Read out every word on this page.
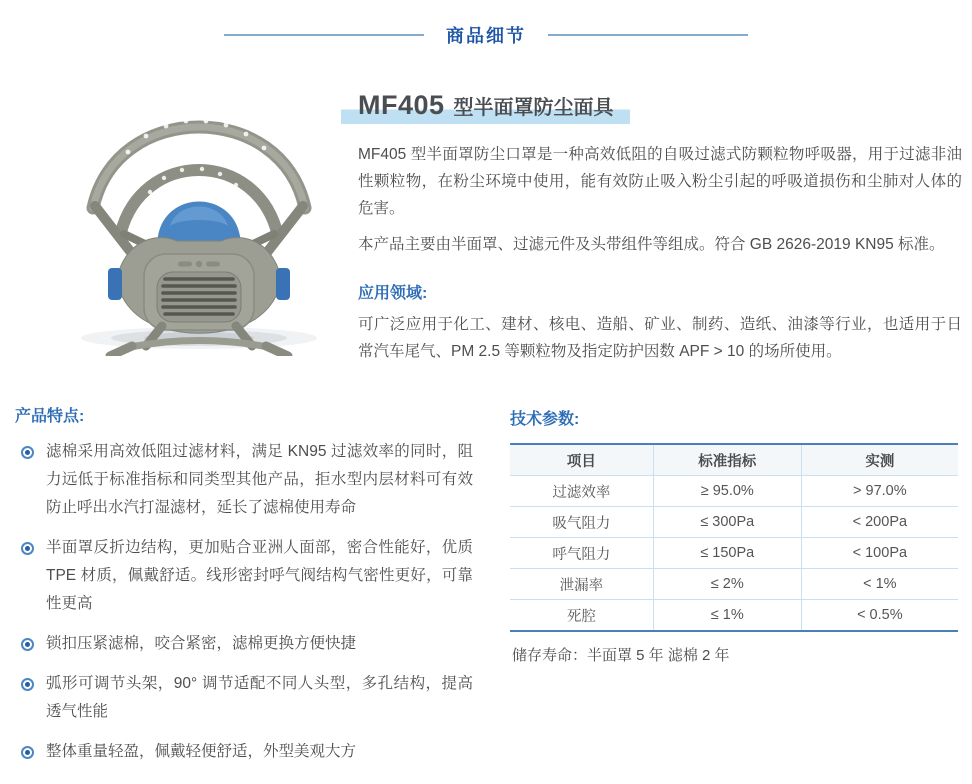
商品细节
MF405 型半面罩防尘面具

MF405 型半面罩防尘口罩是一种高效低阻的自吸过滤式防颗粒物呼吸器，用于过滤非油性颗粒物，在粉尘环境中使用，能有效防止吸入粉尘引起的呼吸道损伤和尘肺对人体的危害。

本产品主要由半面罩、过滤元件及头带组件等组成。符合 GB 2626-2019 KN95 标准。

应用领域:

可广泛应用于化工、建材、核电、造船、矿业、制药、造纸、油漆等行业，也适用于日常汽车尾气、PM 2.5 等颗粒物及指定防护因数 APF > 10 的场所使用。

产品特点:
滤棉采用高效低阻过滤材料，满足 KN95 过滤效率的同时，阻力远低于标准指标和同类型其他产品，拒水型内层材料可有效防止呼出水汽打湿滤材，延长了滤棉使用寿命
半面罩反折边结构，更加贴合亚洲人面部，密合性能好，优质 TPE 材质，佩戴舒适。线形密封呼气阀结构气密性更好，可靠性更高
锁扣压紧滤棉，咬合紧密，滤棉更换方便快捷
弧形可调节头架，90° 调节适配不同人头型，多孔结构，提高透气性能
整体重量轻盈，佩戴轻便舒适，外型美观大方
技术参数:
项目	标准指标	实测
过滤效率	≥ 95.0%	> 97.0%
吸气阻力	≤ 300Pa	< 200Pa
呼气阻力	≤ 150Pa	< 100Pa
泄漏率	≤ 2%	< 1%
死腔	≤ 1%	< 0.5%

储存寿命：半面罩 5 年 滤棉 2 年
